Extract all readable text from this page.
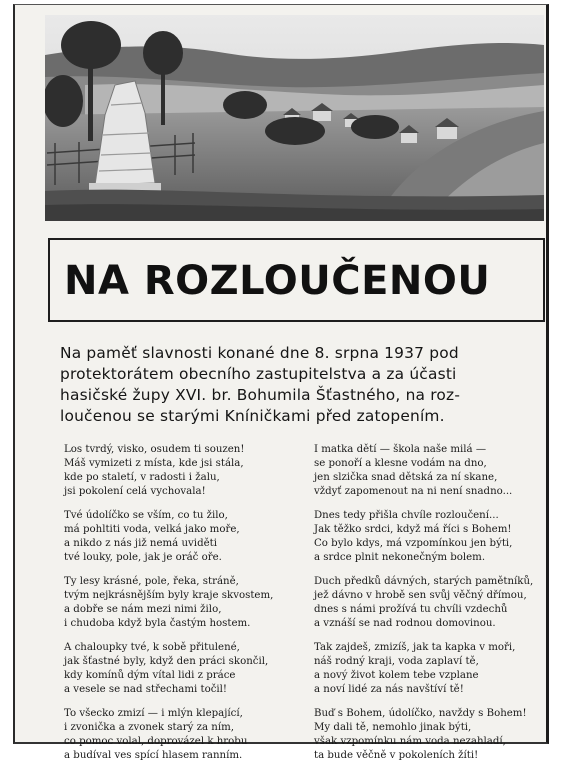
NA ROZLOUČENOU
Na paměť slavnosti konané dne 8. srpna 1937 pod
protektorátem obecního zastupitelstva a za účasti
hasičské župy XVI. br. Bohumila Šťastného, na roz-
loučenou se starými Kníničkami před zatopením.
Los tvrdý, visko, osudem ti souzen!
Máš vymizeti z místa, kde jsi stála,
kde po staletí, v radosti i žalu,
jsi pokolení celá vychovala!
Tvé údolíčko se vším, co tu žilo,
má pohltiti voda, velká jako moře,
a nikdo z nás již nemá uviděti
tvé louky, pole, jak je oráč oře.
Ty lesy krásné, pole, řeka, stráně,
tvým nejkrásnějším byly kraje skvostem,
a dobře se nám mezi nimi žilo,
i chudoba když byla častým hostem.
A chaloupky tvé, k sobě přitulené,
jak šťastné byly, když den práci skončil,
kdy komínů dým vítal lidi z práce
a vesele se nad střechami točil!
To všecko zmizí — i mlýn klepající,
i zvonička a zvonek starý za ním,
co pomoc volal, doprovázel k hrobu
a budíval ves spící hlasem ranním.
I matka dětí — škola naše milá —
se ponoří a klesne vodám na dno,
jen slzička snad dětská za ní skane,
vždyť zapomenout na ni není snadno...
Dnes tedy přišla chvíle rozloučení...
Jak těžko srdci, když má říci s Bohem!
Co bylo kdys, má vzpomínkou jen býti,
a srdce plnit nekonečným bolem.
Duch předků dávných, starých pamětníků,
jež dávno v hrobě sen svůj věčný dřímou,
dnes s námi prožívá tu chvíli vzdechů
a vznáší se nad rodnou domovinou.
Tak zajdeš, zmizíš, jak ta kapka v moři,
náš rodný kraji, voda zaplaví tě,
a nový život kolem tebe vzplane
a noví lidé za nás navštíví tě!
Buď s Bohem, údolíčko, navždy s Bohem!
My dali tě, nemohlo jinak býti,
však vzpomínku nám voda nezahladí,
ta bude věčně v pokoleních žíti!
